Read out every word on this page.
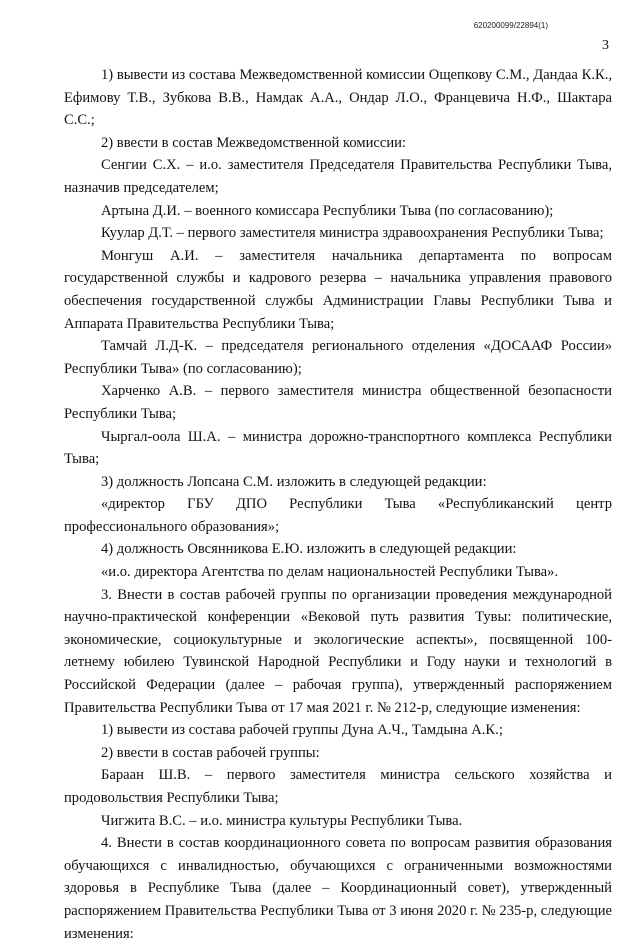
620200099/22894(1)
3

1) вывести из состава Межведомственной комиссии Ощепкову С.М., Дандаа К.К., Ефимову Т.В., Зубкова В.В., Намдак А.А., Ондар Л.О., Францевича Н.Ф., Шактара С.С.;

2) ввести в состав Межведомственной комиссии:

Сенгии С.Х. – и.о. заместителя Председателя Правительства Республики Тыва, назначив председателем;

Артына Д.И. – военного комиссара Республики Тыва (по согласованию);

Куулар Д.Т. – первого заместителя министра здравоохранения Республики Тыва;

Монгуш А.И. – заместителя начальника департамента по вопросам государственной службы и кадрового резерва – начальника управления правового обеспечения государственной службы Администрации Главы Республики Тыва и Аппарата Правительства Республики Тыва;

Тамчай Л.Д-К. – председателя регионального отделения «ДОСААФ России» Республики Тыва» (по согласованию);

Харченко А.В. – первого заместителя министра общественной безопасности Республики Тыва;

Чыргал-оола Ш.А. – министра дорожно-транспортного комплекса Республики Тыва;

3) должность Лопсана С.М. изложить в следующей редакции:

«директор ГБУ ДПО Республики Тыва «Республиканский центр профессионального образования»;

4) должность Овсянникова Е.Ю. изложить в следующей редакции:

«и.о. директора Агентства по делам национальностей Республики Тыва».

3. Внести в состав рабочей группы по организации проведения международной научно-практической конференции «Вековой путь развития Тувы: политические, экономические, социокультурные и экологические аспекты», посвященной 100-летнему юбилею Тувинской Народной Республики и Году науки и технологий в Российской Федерации (далее – рабочая группа), утвержденный распоряжением Правительства Республики Тыва от 17 мая 2021 г. № 212-р, следующие изменения:

1) вывести из состава рабочей группы Дуна А.Ч., Тамдына А.К.;

2) ввести в состав рабочей группы:

Бараан Ш.В. – первого заместителя министра сельского хозяйства и продовольствия Республики Тыва;

Чигжита В.С. – и.о. министра культуры Республики Тыва.

4. Внести в состав координационного совета по вопросам развития образования обучающихся с инвалидностью, обучающихся с ограниченными возможностями здоровья в Республике Тыва (далее – Координационный совет), утвержденный распоряжением Правительства Республики Тыва от 3 июня 2020 г. № 235-р, следующие изменения:
